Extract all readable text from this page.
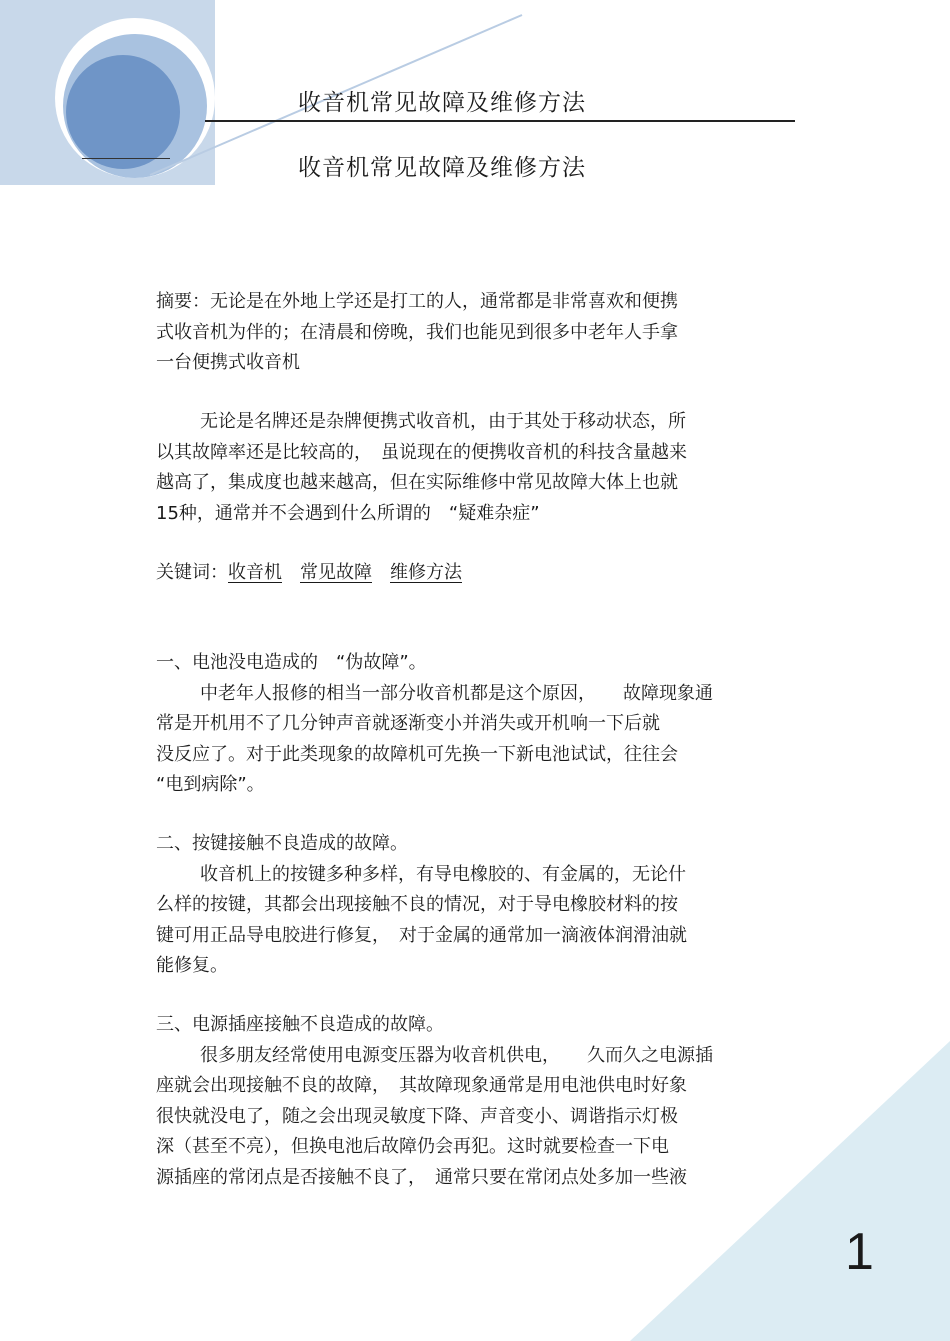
收音机常见故障及维修方法
收音机常见故障及维修方法
摘要：无论是在外地上学还是打工的人，通常都是非常喜欢和便携
式收音机为伴的；在清晨和傍晚，我们也能见到很多中老年人手拿
一台便携式收音机
无论是名牌还是杂牌便携式收音机，由于其处于移动状态，所
以其故障率还是比较高的，　虽说现在的便携收音机的科技含量越来
越高了，集成度也越来越高，但在实际维修中常见故障大体上也就
15种，通常并不会遇到什么所谓的　“疑难杂症”
关键词：收音机　 常见故障　 维修方法
一、电池没电造成的　“伪故障”。
中老年人报修的相当一部分收音机都是这个原因，　　故障现象通
常是开机用不了几分钟声音就逐渐变小并消失或开机响一下后就
没反应了。对于此类现象的故障机可先换一下新电池试试，往往会
“电到病除”。
二、按键接触不良造成的故障。
收音机上的按键多种多样，有导电橡胶的、有金属的，无论什
么样的按键，其都会出现接触不良的情况，对于导电橡胶材料的按
键可用正品导电胶进行修复，　对于金属的通常加一滴液体润滑油就
能修复。
三、电源插座接触不良造成的故障。
很多朋友经常使用电源变压器为收音机供电，　　久而久之电源插
座就会出现接触不良的故障，　其故障现象通常是用电池供电时好象
很快就没电了，随之会出现灵敏度下降、声音变小、调谐指示灯极
深（甚至不亮），但换电池后故障仍会再犯。这时就要检查一下电
源插座的常闭点是否接触不良了，　通常只要在常闭点处多加一些液
1
